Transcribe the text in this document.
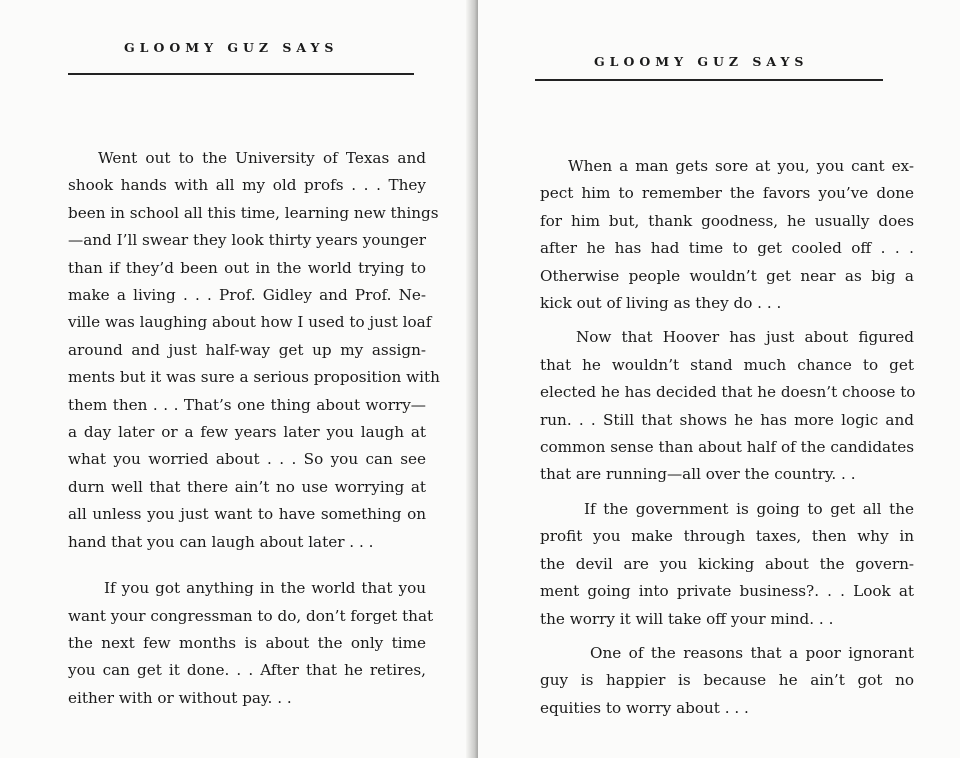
GLOOMY GUZ SAYS

Went out to the University of Texas and
shook hands with all my old profs . . . They
been in school all this time, learning new things
—and I’ll swear they look thirty years younger
than if they’d been out in the world trying to
make a living . . . Prof. Gidley and Prof. Ne-
ville was laughing about how I used to just loaf
around and just half-way get up my assign-
ments but it was sure a serious proposition with
them then . . . That’s one thing about worry—
a day later or a few years later you laugh at
what you worried about . . . So you can see
durn well that there ain’t no use worrying at
all unless you just want to have something on
hand that you can laugh about later . . .

If you got anything in the world that you
want your congressman to do, don’t forget that
the next few months is about the only time
you can get it done. . . After that he retires,
either with or without pay. . .

GLOOMY GUZ SAYS

When a man gets sore at you, you cant ex-
pect him to remember the favors you’ve done
for him but, thank goodness, he usually does
after he has had time to get cooled off . . .
Otherwise people wouldn’t get near as big a
kick out of living as they do . . .

Now that Hoover has just about figured
that he wouldn’t stand much chance to get
elected he has decided that he doesn’t choose to
run. . . Still that shows he has more logic and
common sense than about half of the candidates
that are running—all over the country. . .

If the government is going to get all the
profit you make through taxes, then why in
the devil are you kicking about the govern-
ment going into private business?. . . Look at
the worry it will take off your mind. . .

One of the reasons that a poor ignorant
guy is happier is because he ain’t got no
equities to worry about . . .
